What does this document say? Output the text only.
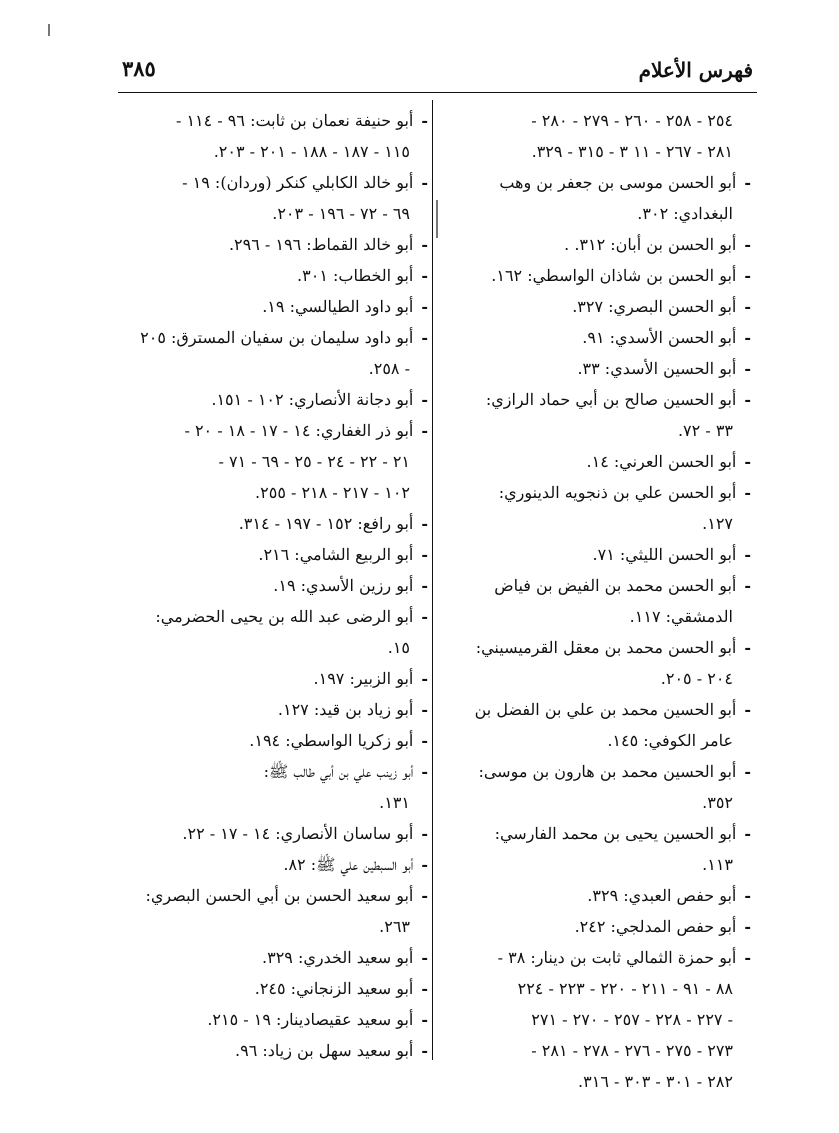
فهرس الأعلام
٣٨٥
٢٥٤ - ٢٥٨ - ٢٦٠ - ٢٧٩ - ٢٨٠ -
٢٨١ - ٢٦٧ - ١١ ٣ - ٣١٥ - ٣٢٩.
-أبو الحسن موسى بن جعفر بن وهب
البغدادي: ٣٠٢.
-أبو الحسن بن أبان: ٣١٢. .
-أبو الحسن بن شاذان الواسطي: ١٦٢.
-أبو الحسن البصري: ٣٢٧.
-أبو الحسن الأسدي: ٩١.
-أبو الحسين الأسدي: ٣٣.
-أبو الحسين صالح بن أبي حماد الرازي:
٣٣ - ٧٢.
-أبو الحسن العرني: ١٤.
-أبو الحسن علي بن ذنجويه الدينوري:
١٢٧.
-أبو الحسن الليثي: ٧١.
-أبو الحسن محمد بن الفيض بن فياض
الدمشقي: ١١٧.
-أبو الحسن محمد بن معقل القرميسيني:
٢٠٤ - ٢٠٥.
-أبو الحسين محمد بن علي بن الفضل بن
عامر الكوفي: ١٤٥.
-أبو الحسين محمد بن هارون بن موسى:
٣٥٢.
-أبو الحسين يحيى بن محمد الفارسي:
١١٣.
-أبو حفص العبدي: ٣٢٩.
-أبو حفص المدلجي: ٢٤٢.
-أبو حمزة الثمالي ثابت بن دينار: ٣٨ -
٨٨ - ٩١ - ٢١١ - ٢٢٠ - ٢٢٣ - ٢٢٤
- ٢٢٧ - ٢٢٨ - ٢٥٧ - ٢٧٠ - ٢٧١
٢٧٣ - ٢٧٥ - ٢٧٦ - ٢٧٨ - ٢٨١ -
٢٨٢ - ٣٠١ - ٣٠٣ - ٣١٦.
-أبو حنيفة نعمان بن ثابت: ٩٦ - ١١٤ -
١١٥ - ١٨٧ - ١٨٨ - ٢٠١ - ٢٠٣.
-أبو خالد الكابلي كنكر (وردان): ١٩ -
٦٩ - ٧٢ - ١٩٦ - ٢٠٣.
-أبو خالد القماط: ١٩٦ - ٢٩٦.
-أبو الخطاب: ٣٠١.
-أبو داود الطيالسي: ١٩.
-أبو داود سليمان بن سفيان المسترق: ٢٠٥
- ٢٥٨.
-أبو دجانة الأنصاري: ١٠٢ - ١٥١.
-أبو ذر الغفاري: ١٤ - ١٧ - ١٨ - ٢٠ -
٢١ - ٢٢ - ٢٤ - ٢٥ - ٦٩ - ٧١ -
١٠٢ - ٢١٧ - ٢١٨ - ٢٥٥.
-أبو رافع: ١٥٢ - ١٩٧ - ٣١٤.
-أبو الربيع الشامي: ٢١٦.
-أبو رزين الأسدي: ١٩.
-أبو الرضى عبد الله بن يحيى الحضرمي:
١٥.
-أبو الزبير: ١٩٧.
-أبو زياد بن قيد: ١٢٧.
-أبو زكريا الواسطي: ١٩٤.
-أبو زينب علي بن أبي طالب ﷺ:
١٣١.
-أبو ساسان الأنصاري: ١٤ - ١٧ - ٢٢.
-أبو السبطين علي ﷺ: ٨٢.
-أبو سعيد الحسن بن أبي الحسن البصري:
٢٦٣.
-أبو سعيد الخدري: ٣٢٩.
-أبو سعيد الزنجاني: ٢٤٥.
-أبو سعيد عقيصادينار: ١٩ - ٢١٥.
-أبو سعيد سهل بن زياد: ٩٦.
